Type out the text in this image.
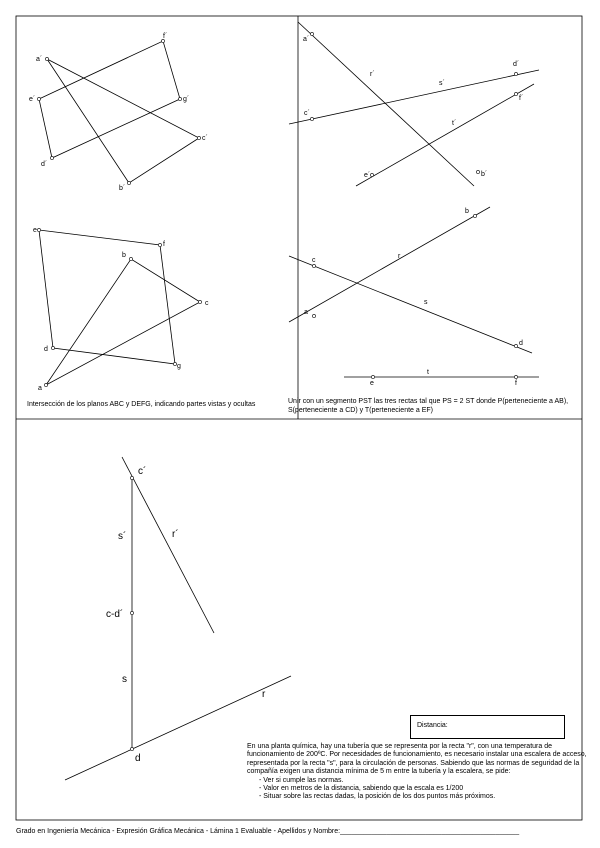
a´
f´
e´	g´
c´
d´
b´
e
f
b
c
d
g
a
a´
r´
d´
s´
f´
c´
t´
e´	b´
b
r
c
s
a
d
t
e	f
c´
r´
s´
c-d´
s
r
d
Intersección de los planos ABC y DEFG, indicando partes vistas y ocultas	Unir con un segmento PST las tres rectas tal que PS = 2 ST donde P(perteneciente a AB),
S(perteneciente a CD) y T(perteneciente a EF)
Distancia:
En una planta química, hay una tubería que se representa por la recta "r", con una temperatura de funcionamiento de 200ºC. Por necesidades de funcionamiento, es necesario instalar una escalera de acceso, representada por la recta "s", para la circulación de personas. Sabiendo que las normas de seguridad de la compañía exigen una distancia mínima de 5 m entre la tubería y la escalera, se pide:
- Ver si cumple las normas.
- Valor en metros de la distancia, sabiendo que la escala es 1/200
- Situar sobre las rectas dadas, la posición de los dos puntos más próximos.
Grado en Ingeniería Mecánica - Expresión Gráfica Mecánica - Lámina 1 Evaluable - Apellidos y Nombre:______________________________________________
